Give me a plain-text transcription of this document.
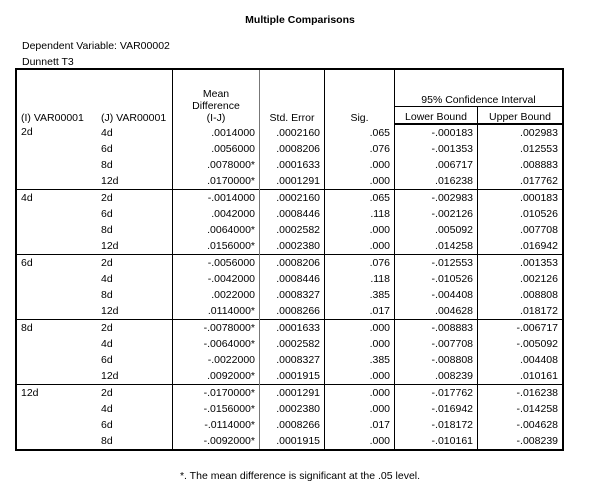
Multiple Comparisons
Dependent Variable: VAR00002
Dunnett T3
(I) VAR00001	(J) VAR00001	Mean
Difference
(I-J)	Std. Error	Sig.	95% Confidence Interval	
					Lower Bound	Upper Bound
2d	4d	.0014000	.0002160	.065	-.000183	.002983
	6d	.0056000	.0008206	.076	-.001353	.012553
	8d	.0078000*	.0001633	.000	.006717	.008883
	12d	.0170000*	.0001291	.000	.016238	.017762
4d	2d	-.0014000	.0002160	.065	-.002983	.000183
	6d	.0042000	.0008446	.118	-.002126	.010526
	8d	.0064000*	.0002582	.000	.005092	.007708
	12d	.0156000*	.0002380	.000	.014258	.016942
6d	2d	-.0056000	.0008206	.076	-.012553	.001353
	4d	-.0042000	.0008446	.118	-.010526	.002126
	8d	.0022000	.0008327	.385	-.004408	.008808
	12d	.0114000*	.0008266	.017	.004628	.018172
8d	2d	-.0078000*	.0001633	.000	-.008883	-.006717
	4d	-.0064000*	.0002582	.000	-.007708	-.005092
	6d	-.0022000	.0008327	.385	-.008808	.004408
	12d	.0092000*	.0001915	.000	.008239	.010161
12d	2d	-.0170000*	.0001291	.000	-.017762	-.016238
	4d	-.0156000*	.0002380	.000	-.016942	-.014258
	6d	-.0114000*	.0008266	.017	-.018172	-.004628
	8d	-.0092000*	.0001915	.000	-.010161	-.008239
*. The mean difference is significant at the .05 level.
